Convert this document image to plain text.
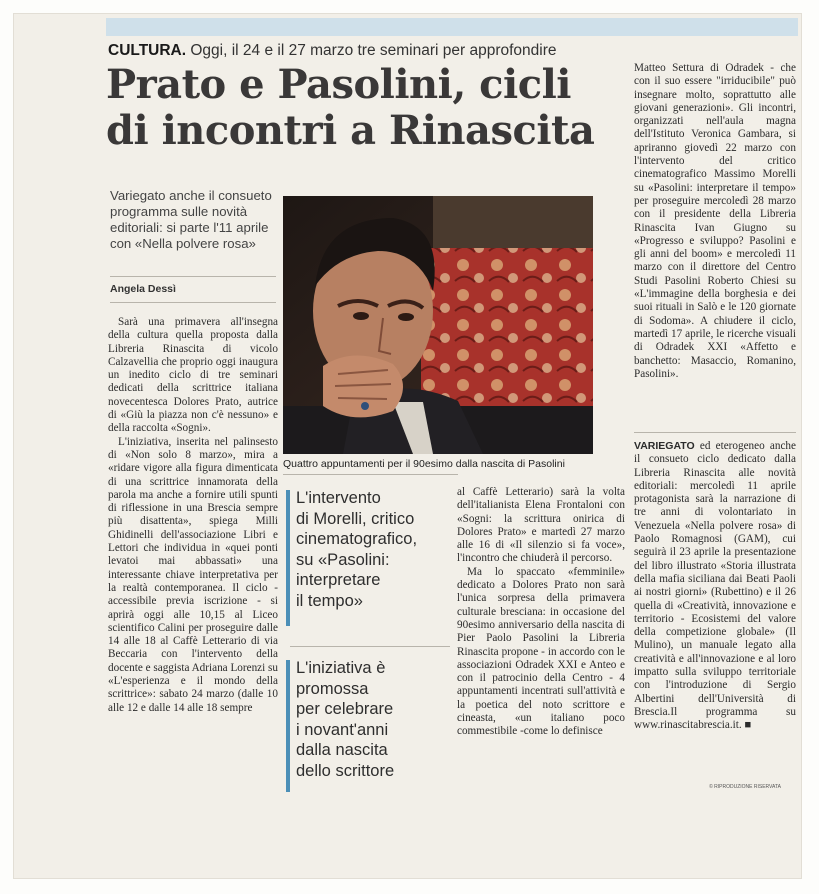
CULTURA. Oggi, il 24 e il 27 marzo tre seminari per approfondire
Prato e Pasolini, cicli
di incontri a Rinascita
Variegato anche il consueto programma sulle novità editoriali: si parte l'11 aprile con «Nella polvere rosa»
Angela Dessì

Sarà una primavera all'insegna della cultura quella proposta dalla Libreria Rinascita di vicolo Calzavellia che proprio oggi inaugura un inedito ciclo di tre seminari dedicati della scrittrice italiana novecentesca Dolores Prato, autrice di «Giù la piazza non c'è nessuno» e della raccolta «Sogni».

L'iniziativa, inserita nel palinsesto di «Non solo 8 marzo», mira a «ridare vigore alla figura dimenticata di una scrittrice innamorata della parola ma anche a fornire utili spunti di riflessione in una Brescia sempre più disattenta», spiega Milli Ghidinelli dell'associazione Libri e Lettori che individua in «quei ponti levatoi mai abbassati» una interessante chiave interpretativa per la realtà contemporanea. Il ciclo - accessibile previa iscrizione - si aprirà oggi alle 10,15 al Liceo scientifico Calini per proseguire dalle 14 alle 18 al Caffè Letterario di via Beccaria con l'intervento della docente e saggista Adriana Lorenzi su «L'esperienza e il mondo della scrittrice»: sabato 24 marzo (dalle 10 alle 12 e dalle 14 alle 18 sempre

Quattro appuntamenti per il 90esimo dalla nascita di Pasolini
L'intervento
di Morelli, critico
cinematografico,
su «Pasolini:
interpretare
il tempo»
L'iniziativa è
promossa
per celebrare
i novant'anni
dalla nascita
dello scrittore

al Caffè Letterario) sarà la volta dell'italianista Elena Frontaloni con «Sogni: la scrittura onirica di Dolores Prato» e martedì 27 marzo alle 16 di «Il silenzio si fa voce», l'incontro che chiuderà il percorso.

Ma lo spaccato «femminile» dedicato a Dolores Prato non sarà l'unica sorpresa della primavera culturale bresciana: in occasione del 90esimo anniversario della nascita di Pier Paolo Pasolini la Libreria Rinascita propone - in accordo con le associazioni Odradek XXI e Anteo e con il patrocinio della Centro - 4 appuntamenti incentrati sull'attività e la poetica del noto scrittore e cineasta, «un italiano poco commestibile -come lo definisce

Matteo Settura di Odradek - che con il suo essere "irriducibile" può insegnare molto, soprattutto alle giovani generazioni». Gli incontri, organizzati nell'aula magna dell'Istituto Veronica Gambara, si apriranno giovedì 22 marzo con l'intervento del critico cinematografico Massimo Morelli su «Pasolini: interpretare il tempo» per proseguire mercoledì 28 marzo con il presidente della Libreria Rinascita Ivan Giugno su «Progresso e sviluppo? Pasolini e gli anni del boom» e mercoledì 11 marzo con il direttore del Centro Studi Pasolini Roberto Chiesi su «L'immagine della borghesia e dei suoi rituali in Salò e le 120 giornate di Sodoma». A chiudere il ciclo, martedì 17 aprile, le ricerche visuali di Odradek XXI «Affetto e banchetto: Masaccio, Romanino, Pasolini».

VARIEGATO ed eterogeneo anche il consueto ciclo dedicato dalla Libreria Rinascita alle novità editoriali: mercoledì 11 aprile protagonista sarà la narrazione di tre anni di volontariato in Venezuela «Nella polvere rosa» di Paolo Romagnosi (GAM), cui seguirà il 23 aprile la presentazione del libro illustrato «Storia illustrata della mafia siciliana dai Beati Paoli ai nostri giorni» (Rubettino) e il 26 quella di «Creatività, innovazione e territorio - Ecosistemi del valore della competizione globale» (Il Mulino), un manuale legato alla creatività e all'innovazione e al loro impatto sulla sviluppo territoriale con l'introduzione di Sergio Albertini dell'Università di Brescia.Il programma su www.rinascitabrescia.it. ■

© RIPRODUZIONE RISERVATA
